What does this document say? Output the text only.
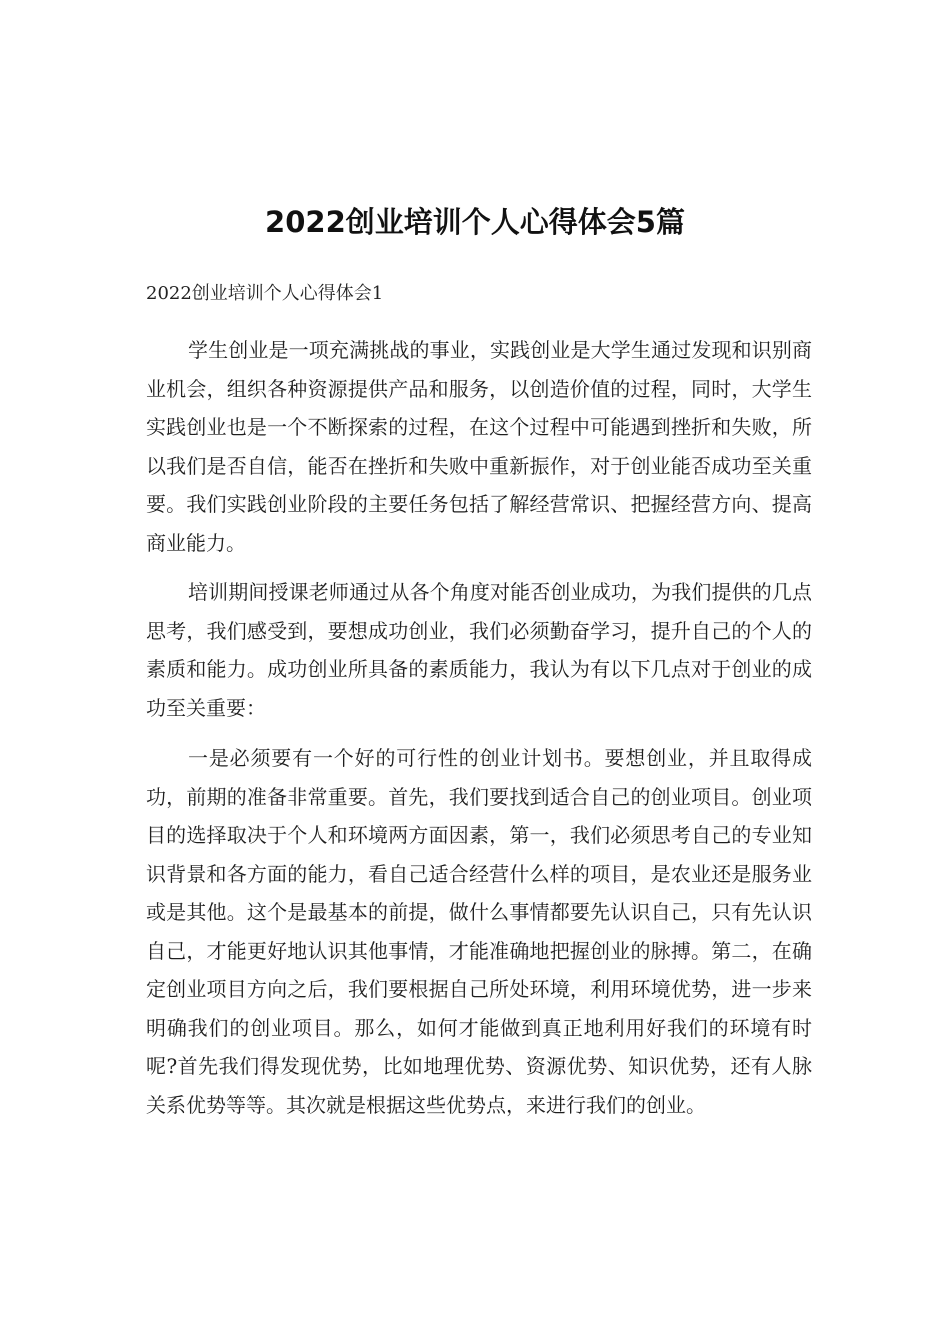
2022创业培训个人心得体会5篇

2022创业培训个人心得体会1

学生创业是一项充满挑战的事业，实践创业是大学生通过发现和识别商业机会，组织各种资源提供产品和服务，以创造价值的过程，同时，大学生实践创业也是一个不断探索的过程，在这个过程中可能遇到挫折和失败，所以我们是否自信，能否在挫折和失败中重新振作，对于创业能否成功至关重要。我们实践创业阶段的主要任务包括了解经营常识、把握经营方向、提高商业能力。

培训期间授课老师通过从各个角度对能否创业成功，为我们提供的几点思考，我们感受到，要想成功创业，我们必须勤奋学习，提升自己的个人的素质和能力。成功创业所具备的素质能力，我认为有以下几点对于创业的成功至关重要：

一是必须要有一个好的可行性的创业计划书。要想创业，并且取得成功，前期的准备非常重要。首先，我们要找到适合自己的创业项目。创业项目的选择取决于个人和环境两方面因素，第一，我们必须思考自己的专业知识背景和各方面的能力，看自己适合经营什么样的项目，是农业还是服务业或是其他。这个是最基本的前提，做什么事情都要先认识自己，只有先认识自己，才能更好地认识其他事情，才能准确地把握创业的脉搏。第二，在确定创业项目方向之后，我们要根据自己所处环境，利用环境优势，进一步来明确我们的创业项目。那么，如何才能做到真正地利用好我们的环境有时呢?首先我们得发现优势，比如地理优势、资源优势、知识优势，还有人脉关系优势等等。其次就是根据这些优势点，来进行我们的创业。
